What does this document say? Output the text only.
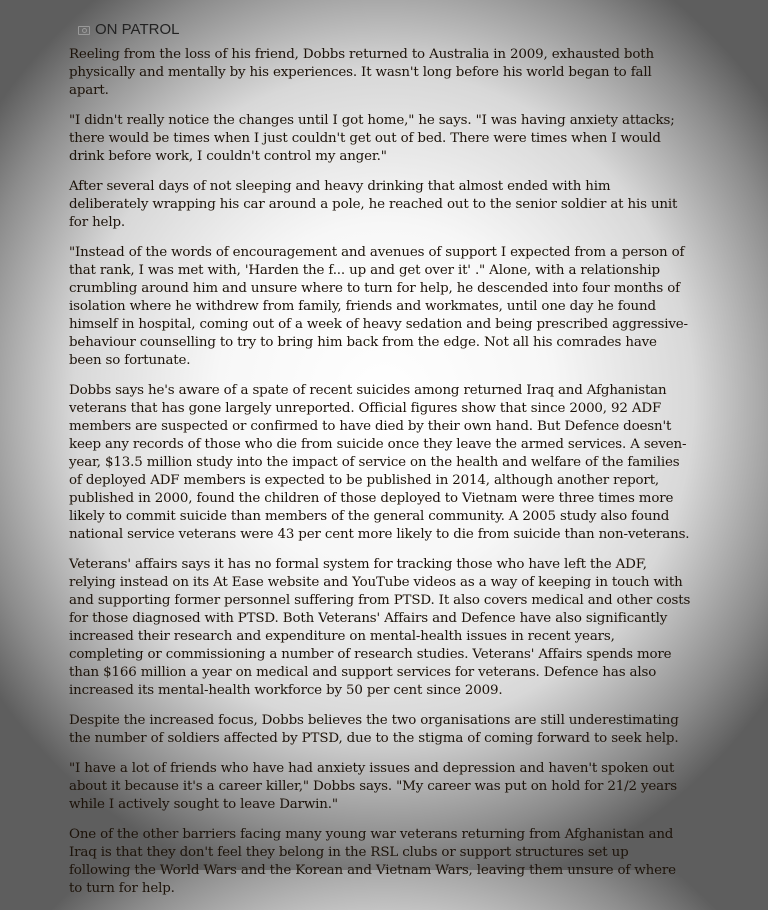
ON PATROL

Reeling from the loss of his friend, Dobbs returned to Australia in 2009, exhausted both physically and mentally by his experiences. It wasn't long before his world began to fall apart.

"I didn't really notice the changes until I got home," he says. "I was having anxiety attacks; there would be times when I just couldn't get out of bed. There were times when I would drink before work, I couldn't control my anger."

After several days of not sleeping and heavy drinking that almost ended with him deliberately wrapping his car around a pole, he reached out to the senior soldier at his unit for help.

"Instead of the words of encouragement and avenues of support I expected from a person of that rank, I was met with, 'Harden the f... up and get over it' ." Alone, with a relationship crumbling around him and unsure where to turn for help, he descended into four months of isolation where he withdrew from family, friends and workmates, until one day he found himself in hospital, coming out of a week of heavy sedation and being prescribed aggressive-behaviour counselling to try to bring him back from the edge. Not all his comrades have been so fortunate.

Dobbs says he's aware of a spate of recent suicides among returned Iraq and Afghanistan veterans that has gone largely unreported. Official figures show that since 2000, 92 ADF members are suspected or confirmed to have died by their own hand. But Defence doesn't keep any records of those who die from suicide once they leave the armed services. A seven-year, $13.5 million study into the impact of service on the health and welfare of the families of deployed ADF members is expected to be published in 2014, although another report, published in 2000, found the children of those deployed to Vietnam were three times more likely to commit suicide than members of the general community. A 2005 study also found national service veterans were 43 per cent more likely to die from suicide than non-veterans.

Veterans' affairs says it has no formal system for tracking those who have left the ADF, relying instead on its At Ease website and YouTube videos as a way of keeping in touch with and supporting former personnel suffering from PTSD. It also covers medical and other costs for those diagnosed with PTSD. Both Veterans' Affairs and Defence have also significantly increased their research and expenditure on mental-health issues in recent years, completing or commissioning a number of research studies. Veterans' Affairs spends more than $166 million a year on medical and support services for veterans. Defence has also increased its mental-health workforce by 50 per cent since 2009.

Despite the increased focus, Dobbs believes the two organisations are still underestimating the number of soldiers affected by PTSD, due to the stigma of coming forward to seek help.

"I have a lot of friends who have had anxiety issues and depression and haven't spoken out about it because it's a career killer," Dobbs says. "My career was put on hold for 21/2 years while I actively sought to leave Darwin."

One of the other barriers facing many young war veterans returning from Afghanistan and Iraq is that they don't feel they belong in the RSL clubs or support structures set up following the World Wars and the Korean and Vietnam Wars, leaving them unsure of where to turn for help.
